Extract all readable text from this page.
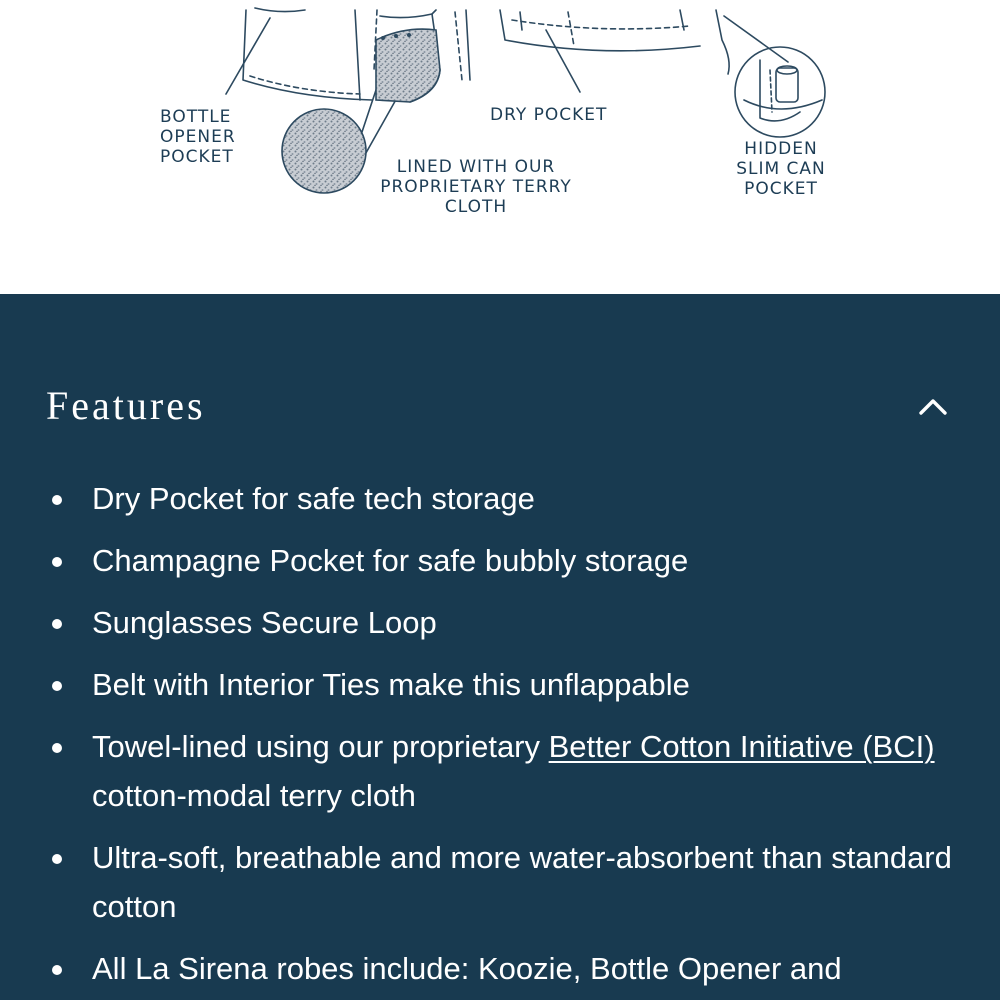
BOTTLE
OPENER
POCKET

DRY POCKET

LINED WITH OUR
PROPRIETARY TERRY
CLOTH

HIDDEN
SLIM CAN
POCKET

Features
Dry Pocket for safe tech storage
Champagne Pocket for safe bubbly storage
Sunglasses Secure Loop
Belt with Interior Ties make this unflappable
Towel-lined using our proprietary Better Cotton Initiative (BCI) cotton-modal terry cloth
Ultra-soft, breathable and more water-absorbent than standard cotton
All La Sirena robes include: Koozie, Bottle Opener and
